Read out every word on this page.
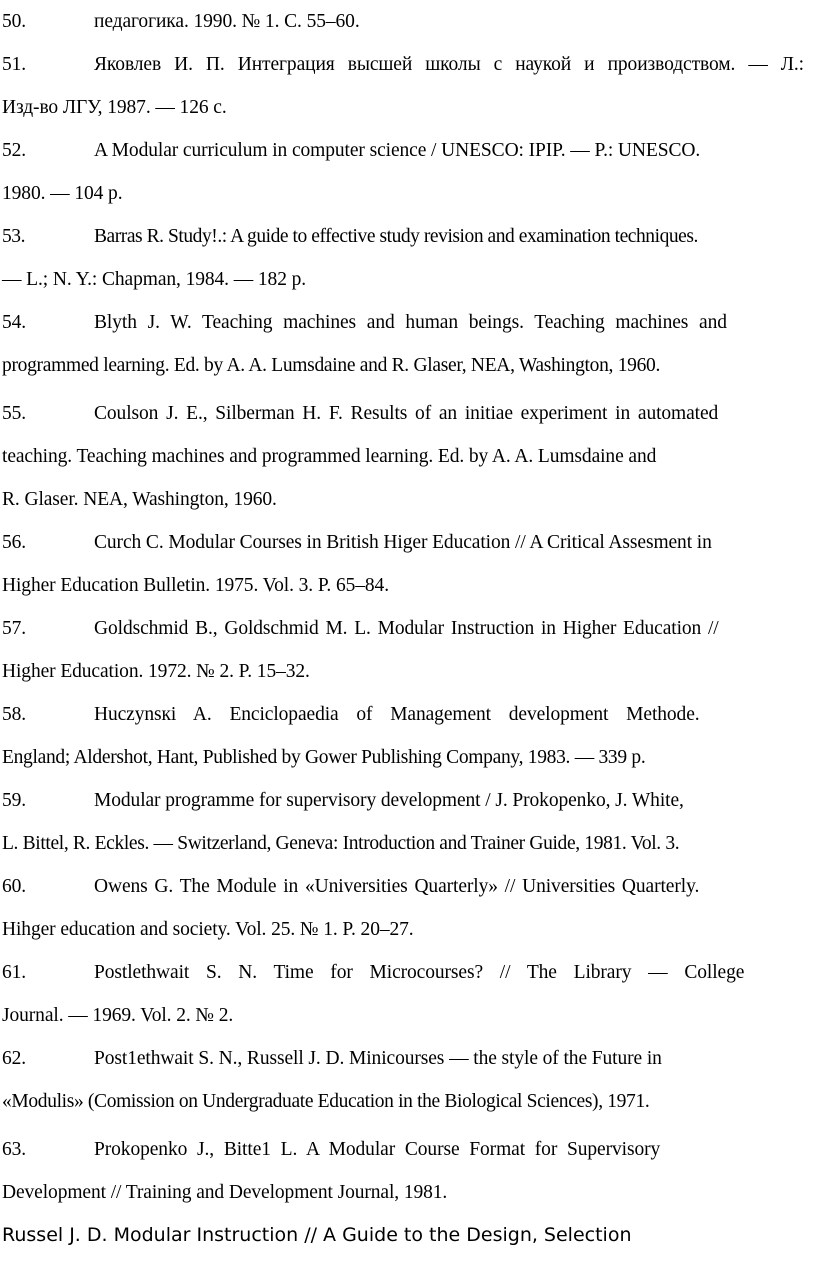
50.	педагогика. 1990. № 1. С. 55–60.
51.	Яковлев И. П. Интеграция высшей школы с наукой и производством. — Л.:
Изд-во ЛГУ, 1987. — 126 с.
52.	A Modular curriculum in computer science / UNESCO: IPIP. — P.: UNESCO.
1980. — 104 p.
53.	Barras R. Study!.: A guide to effective study revision and examination techniques.
— L.; N. Y.: Chapman, 1984. — 182 p.
54.	Blyth J. W. Teaching machines and human beings. Teaching machines and
programmed learning. Ed. by A. A. Lumsdaine and R. Glaser, NEA, Washington, 1960.
55.	Coulson J. E., Silberman H. F. Results of an initiae experiment in automated
teaching. Teaching machines and programmed learning. Ed. by A. A. Lumsdaine and
R. Glaser. NEA, Washington, 1960.
56.	Curch C. Modular Courses in British Higer Education // A Critical Assesment in
Higher Education Bulletin. 1975. Vol. 3. P. 65–84.
57.	Goldschmid B., Goldschmid M. L. Modular Instruction in Higher Education //
Higher Education. 1972. № 2. P. 15–32.
58.	Huczynsкi A. Enciclopaedia of Management development Methode.
England; Aldershot, Hant, Published by Gower Publishing Company, 1983. — 339 p.
59.	Modular programme for supervisory development / J. Prokopenko, J. White,
L. Bittel, R. Eckles. — Switzerland, Geneva: Introduction and Trainer Guide, 1981. Vol. 3.
60.	Owens G. The Module in «Universities Quarterly» // Universities Quarterly.
Hihger education and society. Vol. 25. № 1. P. 20–27.
61.	Postlethwait S. N. Time for Microcourses? // The Library — College
Journal. — 1969. Vol. 2. № 2.
62.	Post1ethwait S. N., Russell J. D. Minicourses — the style of the Future in
«Modulis» (Comission on Undergraduate Education in the Biological Sciences), 1971.
63.	Prokopenko J., Bitte1 L. A Modular Course Format for Supervisory
Development // Training and Development Journal, 1981.
Russel J. D. Modular Instruction // A Guide to the Design, Selection
